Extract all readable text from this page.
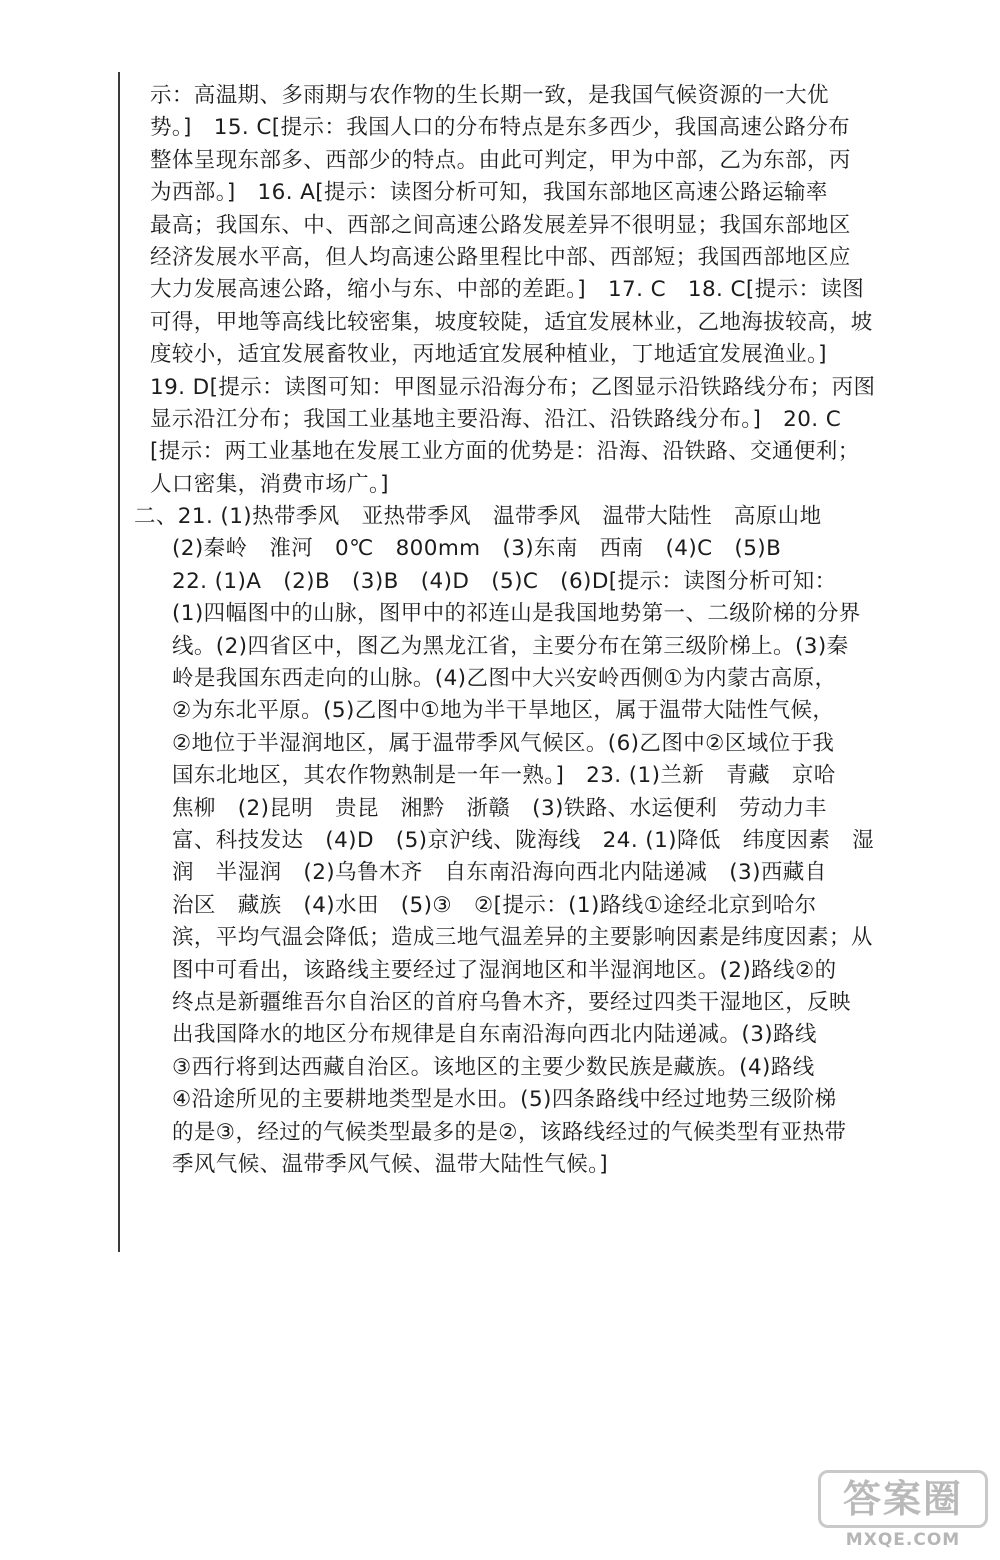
示：高温期、多雨期与农作物的生长期一致，是我国气候资源的一大优
势。]　15. C[提示：我国人口的分布特点是东多西少，我国高速公路分布
整体呈现东部多、西部少的特点。由此可判定，甲为中部，乙为东部，丙
为西部。]　16. A[提示：读图分析可知，我国东部地区高速公路运输率
最高；我国东、中、西部之间高速公路发展差异不很明显；我国东部地区
经济发展水平高，但人均高速公路里程比中部、西部短；我国西部地区应
大力发展高速公路，缩小与东、中部的差距。]　17. C　18. C[提示：读图
可得，甲地等高线比较密集，坡度较陡，适宜发展林业，乙地海拔较高，坡
度较小，适宜发展畜牧业，丙地适宜发展种植业，丁地适宜发展渔业。]
19. D[提示：读图可知：甲图显示沿海分布；乙图显示沿铁路线分布；丙图
显示沿江分布；我国工业基地主要沿海、沿江、沿铁路线分布。]　20. C
[提示：两工业基地在发展工业方面的优势是：沿海、沿铁路、交通便利；
人口密集，消费市场广。]
二、21. (1)热带季风　亚热带季风　温带季风　温带大陆性　高原山地
(2)秦岭　淮河　0℃　800mm　(3)东南　西南　(4)C　(5)B
22. (1)A　(2)B　(3)B　(4)D　(5)C　(6)D[提示：读图分析可知：
(1)四幅图中的山脉，图甲中的祁连山是我国地势第一、二级阶梯的分界
线。(2)四省区中，图乙为黑龙江省，主要分布在第三级阶梯上。(3)秦
岭是我国东西走向的山脉。(4)乙图中大兴安岭西侧①为内蒙古高原，
②为东北平原。(5)乙图中①地为半干旱地区，属于温带大陆性气候，
②地位于半湿润地区，属于温带季风气候区。(6)乙图中②区域位于我
国东北地区，其农作物熟制是一年一熟。]　23. (1)兰新　青藏　京哈
焦柳　(2)昆明　贵昆　湘黔　浙赣　(3)铁路、水运便利　劳动力丰
富、科技发达　(4)D　(5)京沪线、陇海线　24. (1)降低　纬度因素　湿
润　半湿润　(2)乌鲁木齐　自东南沿海向西北内陆递减　(3)西藏自
治区　藏族　(4)水田　(5)③　②[提示：(1)路线①途经北京到哈尔
滨，平均气温会降低；造成三地气温差异的主要影响因素是纬度因素；从
图中可看出，该路线主要经过了湿润地区和半湿润地区。(2)路线②的
终点是新疆维吾尔自治区的首府乌鲁木齐，要经过四类干湿地区，反映
出我国降水的地区分布规律是自东南沿海向西北内陆递减。(3)路线
③西行将到达西藏自治区。该地区的主要少数民族是藏族。(4)路线
④沿途所见的主要耕地类型是水田。(5)四条路线中经过地势三级阶梯
的是③，经过的气候类型最多的是②，该路线经过的气候类型有亚热带
季风气候、温带季风气候、温带大陆性气候。]
答案圈
MXQE.COM
